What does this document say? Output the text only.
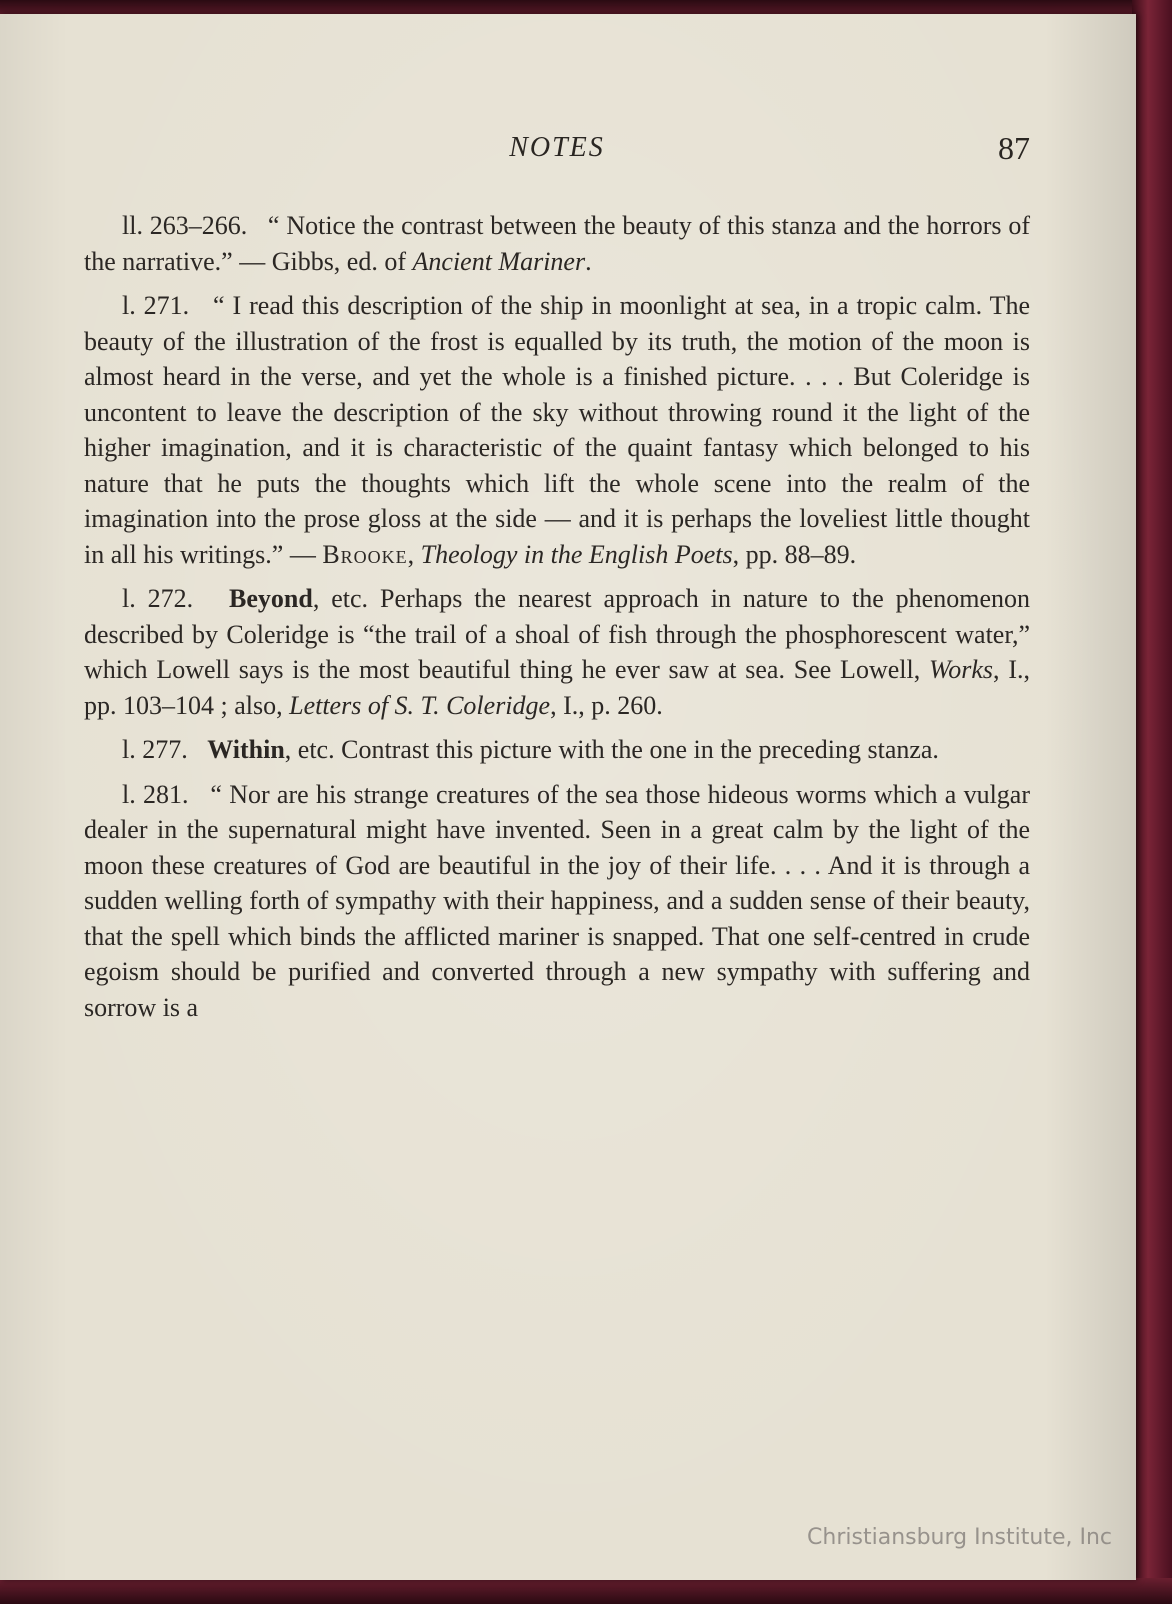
NOTES	87

ll. 263–266. “ Notice the contrast between the beauty of this stanza and the horrors of the narrative.” — Gibbs, ed. of Ancient Mariner.

l. 271. “ I read this description of the ship in moonlight at sea, in a tropic calm. The beauty of the illustration of the frost is equalled by its truth, the motion of the moon is almost heard in the verse, and yet the whole is a finished picture. . . . But Coleridge is uncontent to leave the description of the sky without throwing round it the light of the higher imagination, and it is characteristic of the quaint fantasy which belonged to his nature that he puts the thoughts which lift the whole scene into the realm of the imagination into the prose gloss at the side — and it is perhaps the loveliest little thought in all his writings.” — Brooke, Theology in the English Poets, pp. 88–89.

l. 272. Beyond, etc. Perhaps the nearest approach in nature to the phenomenon described by Coleridge is “the trail of a shoal of fish through the phosphorescent water,” which Lowell says is the most beautiful thing he ever saw at sea. See Lowell, Works, I., pp. 103–104 ; also, Letters of S. T. Coleridge, I., p. 260.

l. 277. Within, etc. Contrast this picture with the one in the preceding stanza.

l. 281. “ Nor are his strange creatures of the sea those hideous worms which a vulgar dealer in the supernatural might have invented. Seen in a great calm by the light of the moon these creatures of God are beautiful in the joy of their life. . . . And it is through a sudden welling forth of sympathy with their happiness, and a sudden sense of their beauty, that the spell which binds the afflicted mariner is snapped. That one self-centred in crude egoism should be purified and converted through a new sympathy with suffering and sorrow is a

Christiansburg Institute, Inc
